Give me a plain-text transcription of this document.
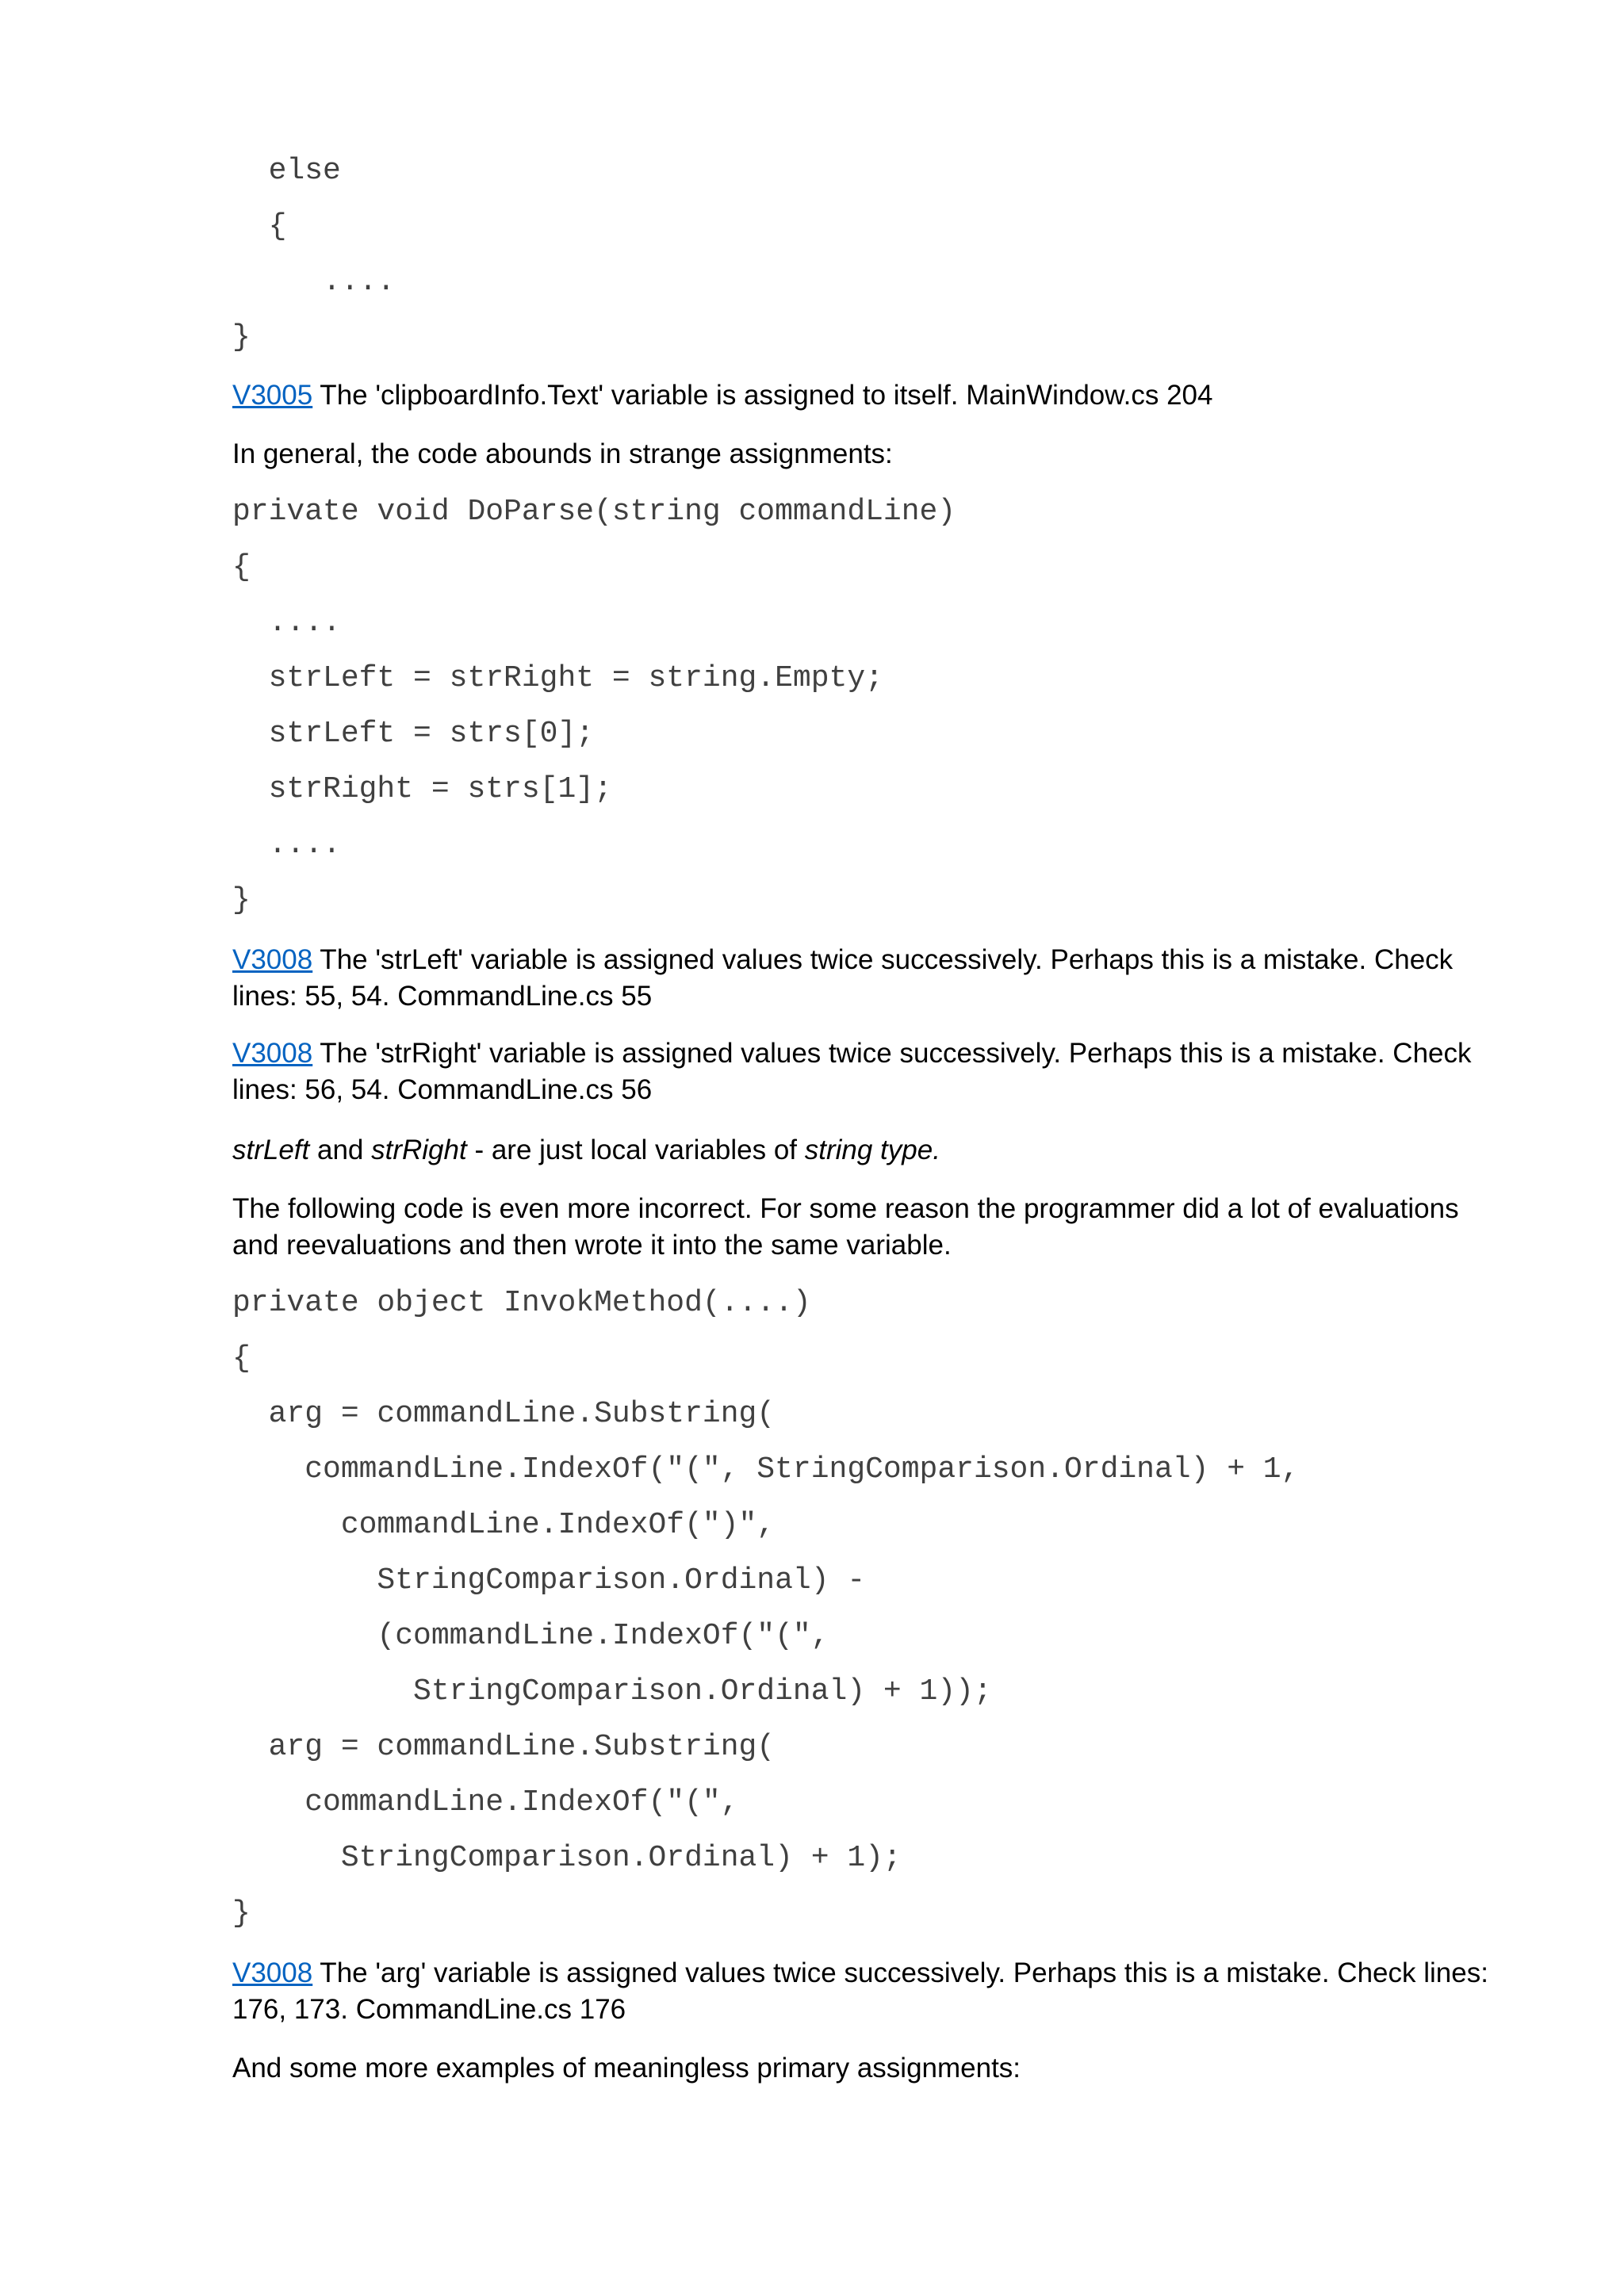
else
{
....
}
V3005 The 'clipboardInfo.Text' variable is assigned to itself. MainWindow.cs 204
In general, the code abounds in strange assignments:
private void DoParse(string commandLine)
{
....
strLeft = strRight = string.Empty;
strLeft = strs[0];
strRight = strs[1];
....
}
V3008 The 'strLeft' variable is assigned values twice successively. Perhaps this is a mistake. Check lines: 55, 54. CommandLine.cs 55
V3008 The 'strRight' variable is assigned values twice successively. Perhaps this is a mistake. Check lines: 56, 54. CommandLine.cs 56
strLeft and strRight - are just local variables of string type.
The following code is even more incorrect. For some reason the programmer did a lot of evaluations and reevaluations and then wrote it into the same variable.
private object InvokMethod(....)
{
arg = commandLine.Substring(
commandLine.IndexOf("(", StringComparison.Ordinal) + 1,
commandLine.IndexOf(")",
StringComparison.Ordinal) -
(commandLine.IndexOf("(",
StringComparison.Ordinal) + 1));
arg = commandLine.Substring(
commandLine.IndexOf("(",
StringComparison.Ordinal) + 1);
}
V3008 The 'arg' variable is assigned values twice successively. Perhaps this is a mistake. Check lines: 176, 173. CommandLine.cs 176
And some more examples of meaningless primary assignments:
